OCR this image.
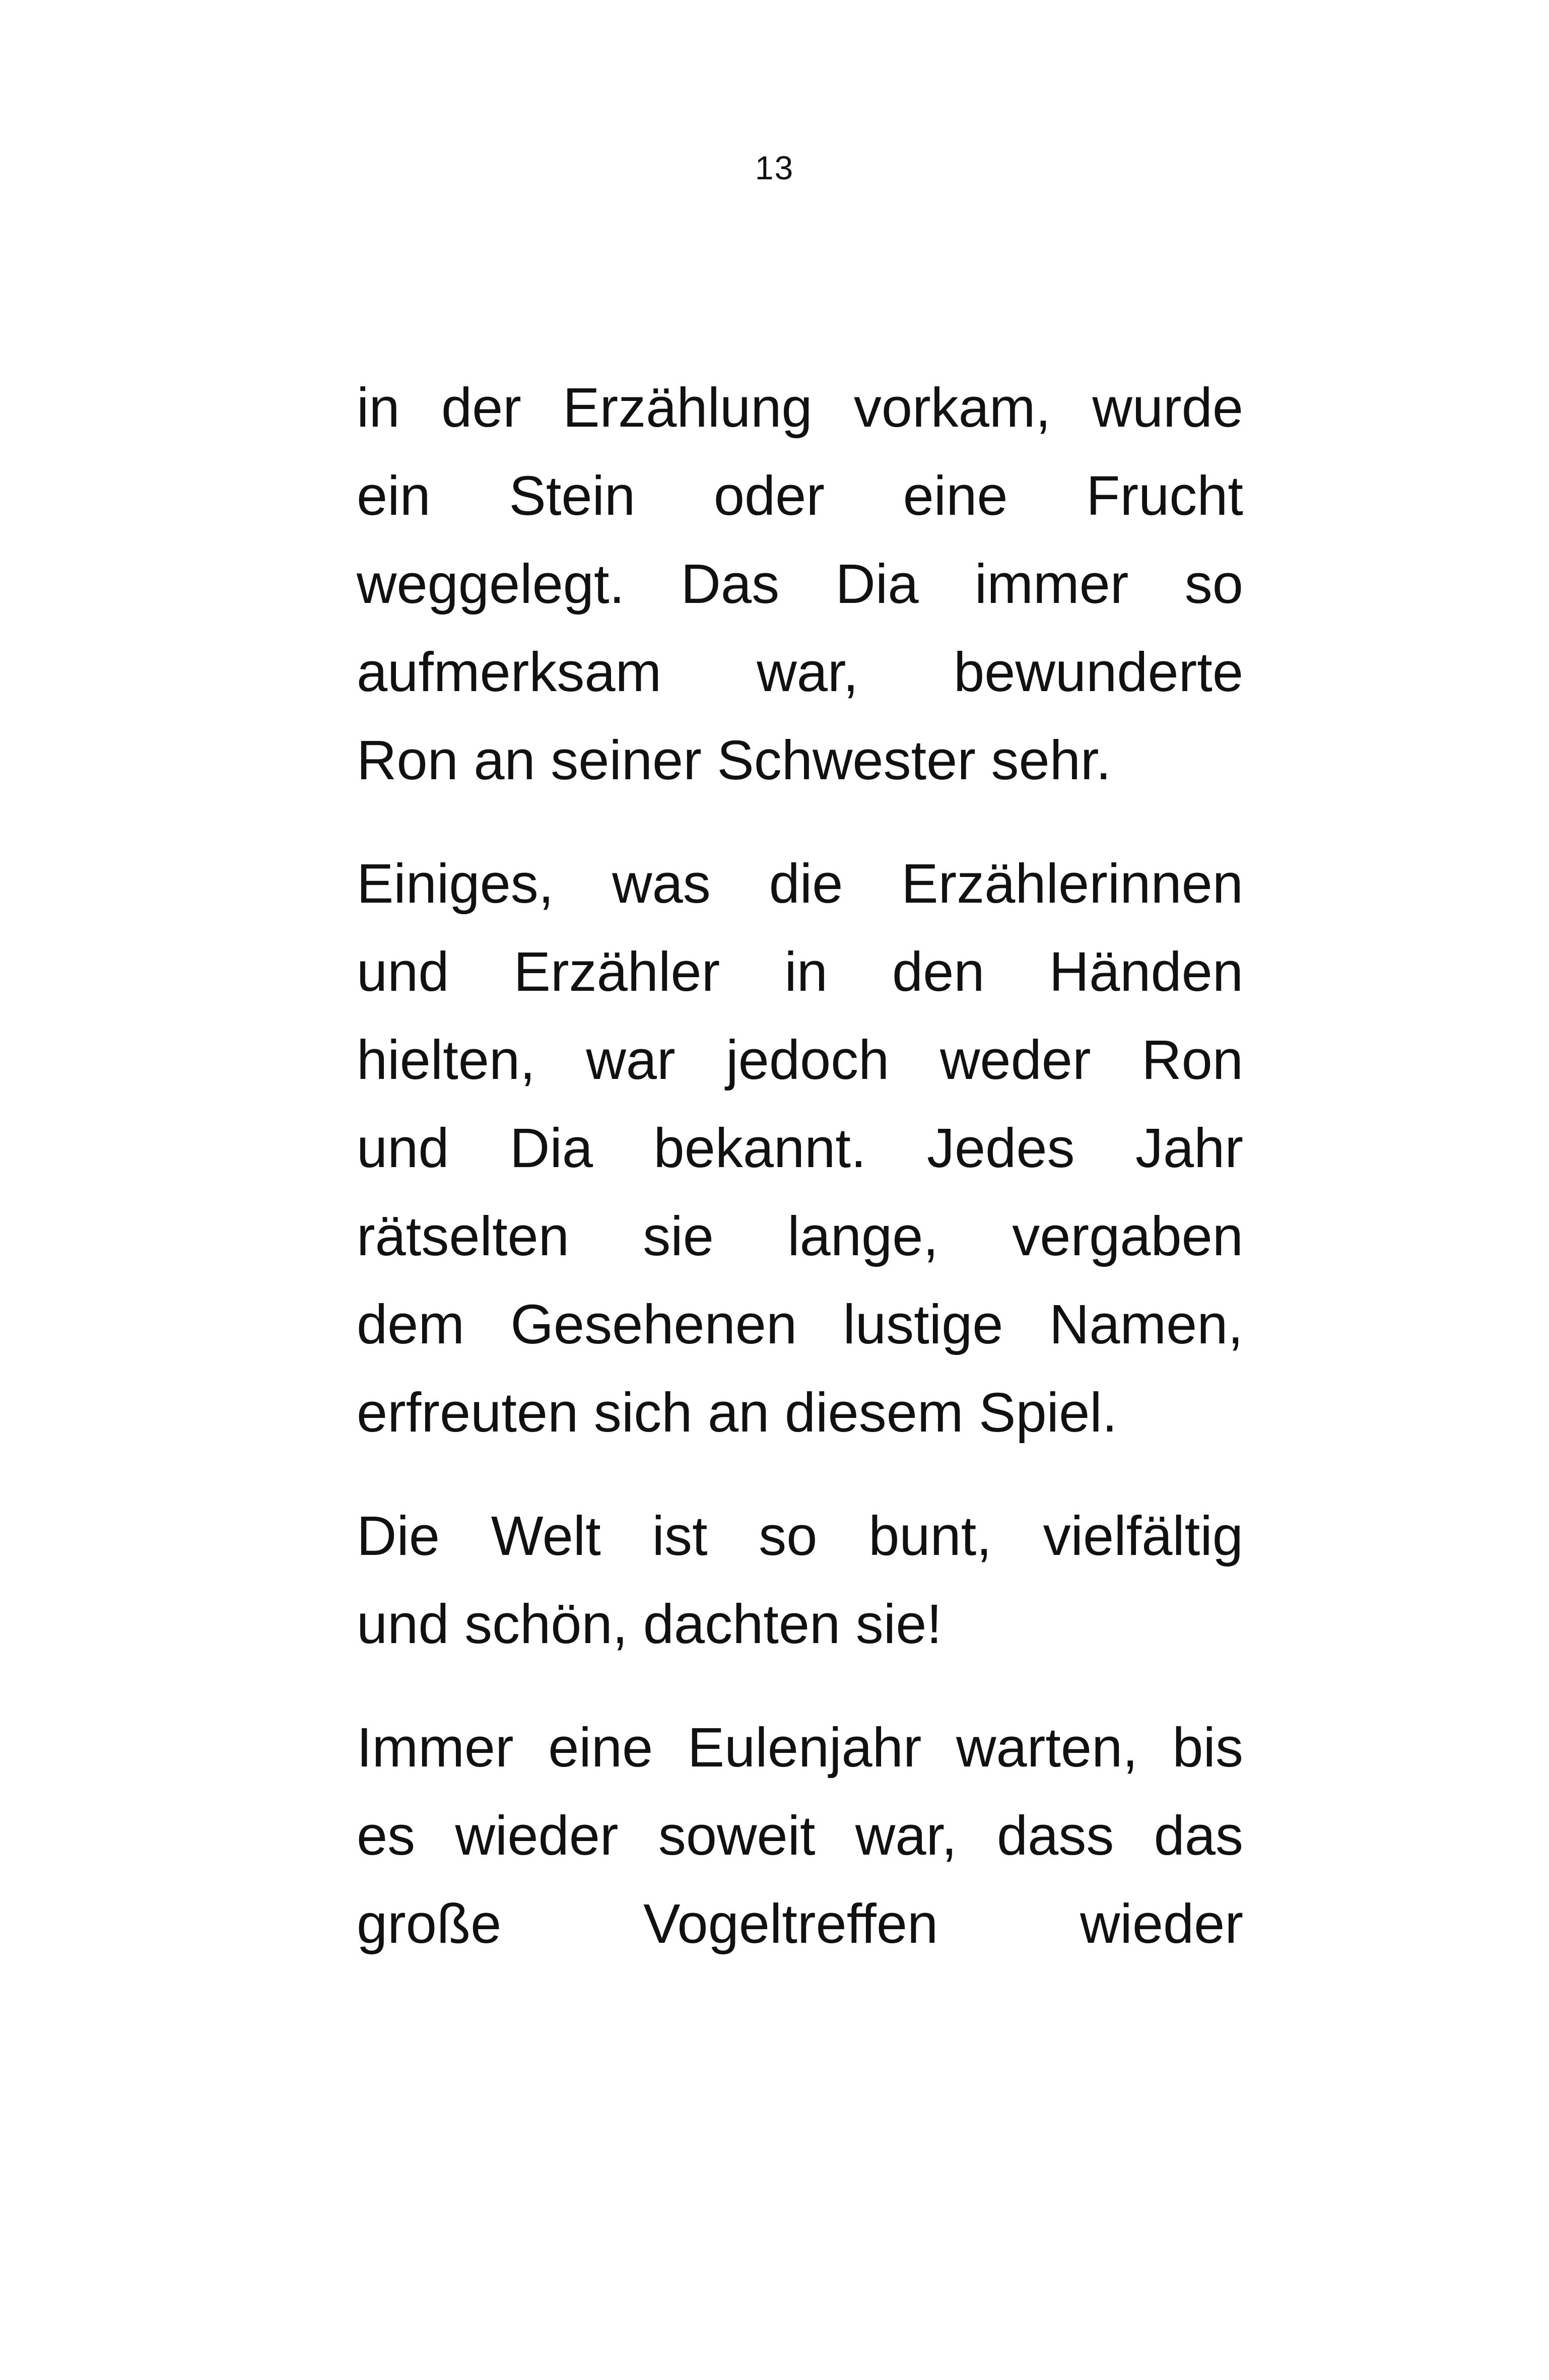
13
in der Erzählung vorkam, wurde
ein Stein oder eine Frucht
weggelegt. Das Dia immer so
aufmerksam war, bewunderte
Ron an seiner Schwester sehr.
Einiges, was die Erzählerinnen
und Erzähler in den Händen
hielten, war jedoch weder Ron
und Dia bekannt. Jedes Jahr
rätselten sie lange, vergaben
dem Gesehenen lustige Namen,
erfreuten sich an diesem Spiel.
Die Welt ist so bunt, vielfältig
und schön, dachten sie!
Immer eine Eulenjahr warten, bis
es wieder soweit war, dass das
große Vogeltreffen wieder
